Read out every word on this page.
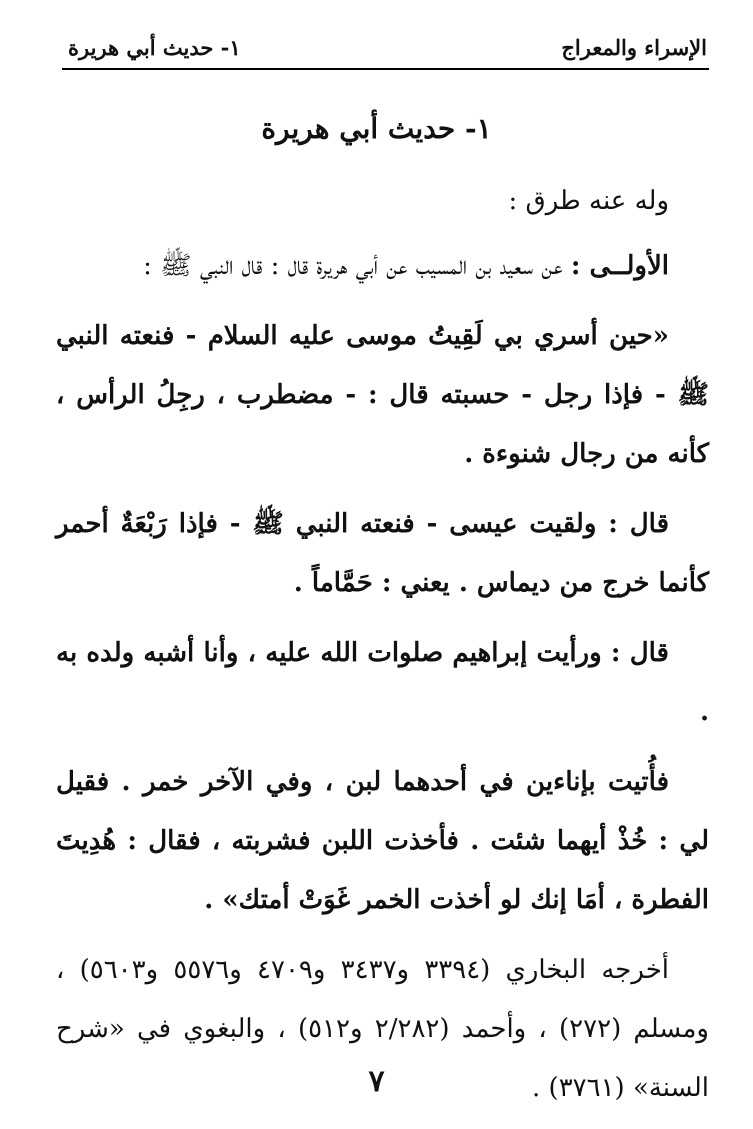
الإسراء والمعراج
١- حديث أبي هريرة
١- حديث أبي هريرة

وله عنه طرق :

الأولــى : عن سعيد بن المسيب عن أبي هريرة قال : قال النبي ﷺ :

«حين أسري بي لَقِيتُ موسى عليه السلام - فنعته النبي ﷺ - فإذا رجل - حسبته قال : - مضطرب ، رجِلُ الرأس ، كأنه من رجال شنوءة .

قال : ولقيت عيسى - فنعته النبي ﷺ - فإذا رَبْعَةٌ أحمر كأنما خرج من ديماس . يعني : حَمَّاماً .

قال : ورأيت إبراهيم صلوات الله عليه ، وأنا أشبه ولده به .

فأُتيت بإناءين في أحدهما لبن ، وفي الآخر خمر . فقيل لي : خُذْ أيهما شئت . فأخذت اللبن فشربته ، فقال : هُدِيتَ الفطرة ، أمَا إنك لو أخذت الخمر غَوَتْ أمتك» .

أخرجه البخاري (٣٣٩٤ و٣٤٣٧ و٤٧٠٩ و٥٥٧٦ و٥٦٠٣) ، ومسلم (٢٧٢) ، وأحمد (٢/٢٨٢ و٥١٢) ، والبغوي في «شرح السنة» (٣٧٦١) .

٧
